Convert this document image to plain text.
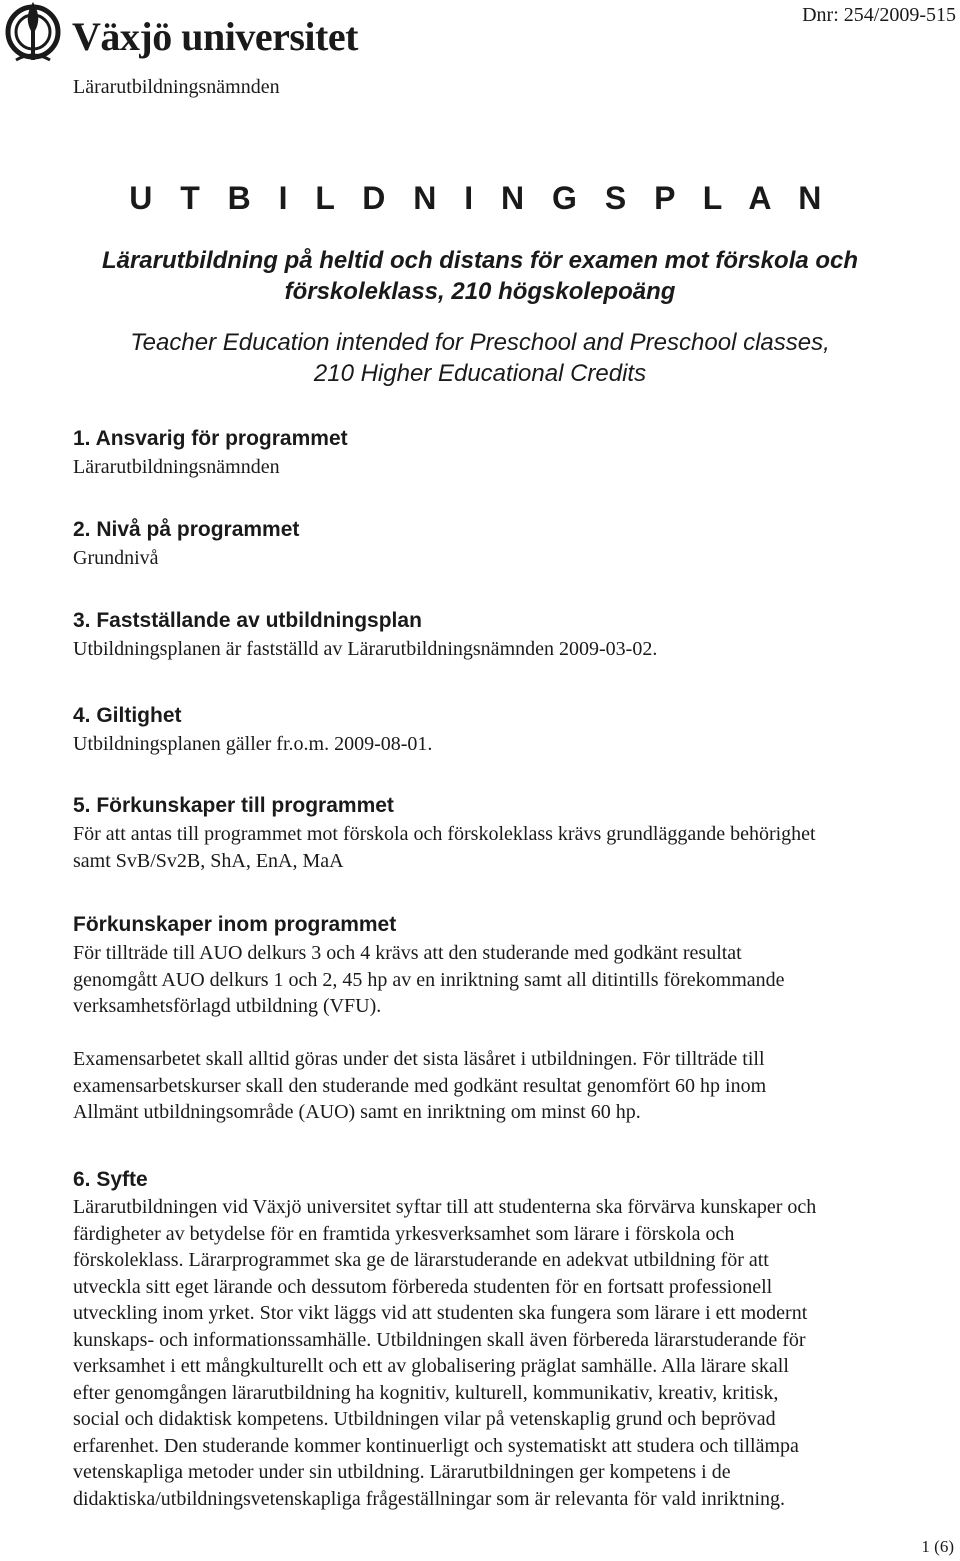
Växjö universitet	Dnr: 254/2009-515
Lärarutbildningsnämnden
U T B I L D N I N G S P L A N
Lärarutbildning på heltid och distans för examen mot förskola och
förskoleklass, 210 högskolepoäng
Teacher Education intended for Preschool and Preschool classes,
210 Higher Educational Credits
1. Ansvarig för programmet
Lärarutbildningsnämnden
2. Nivå på programmet
Grundnivå
3. Fastställande av utbildningsplan
Utbildningsplanen är fastställd av Lärarutbildningsnämnden 2009-03-02.
4. Giltighet
Utbildningsplanen gäller fr.o.m. 2009-08-01.
5. Förkunskaper till programmet
För att antas till programmet mot förskola och förskoleklass krävs grundläggande behörighet
samt SvB/Sv2B, ShA, EnA, MaA
Förkunskaper inom programmet
För tillträde till AUO delkurs 3 och 4 krävs att den studerande med godkänt resultat
genomgått AUO delkurs 1 och 2, 45 hp av en inriktning samt all ditintills förekommande
verksamhetsförlagd utbildning (VFU).
Examensarbetet skall alltid göras under det sista läsåret i utbildningen. För tillträde till
examensarbetskurser skall den studerande med godkänt resultat genomfört 60 hp inom
Allmänt utbildningsområde (AUO) samt en inriktning om minst 60 hp.
6. Syfte
Lärarutbildningen vid Växjö universitet syftar till att studenterna ska förvärva kunskaper och
färdigheter av betydelse för en framtida yrkesverksamhet som lärare i förskola och
förskoleklass. Lärarprogrammet ska ge de lärarstuderande en adekvat utbildning för att
utveckla sitt eget lärande och dessutom förbereda studenten för en fortsatt professionell
utveckling inom yrket. Stor vikt läggs vid att studenten ska fungera som lärare i ett modernt
kunskaps- och informationssamhälle. Utbildningen skall även förbereda lärarstuderande för
verksamhet i ett mångkulturellt och ett av globalisering präglat samhälle. Alla lärare skall
efter genomgången lärarutbildning ha kognitiv, kulturell, kommunikativ, kreativ, kritisk,
social och didaktisk kompetens. Utbildningen vilar på vetenskaplig grund och beprövad
erfarenhet. Den studerande kommer kontinuerligt och systematiskt att studera och tillämpa
vetenskapliga metoder under sin utbildning. Lärarutbildningen ger kompetens i de
didaktiska/utbildningsvetenskapliga frågeställningar som är relevanta för vald inriktning.
1 (6)
